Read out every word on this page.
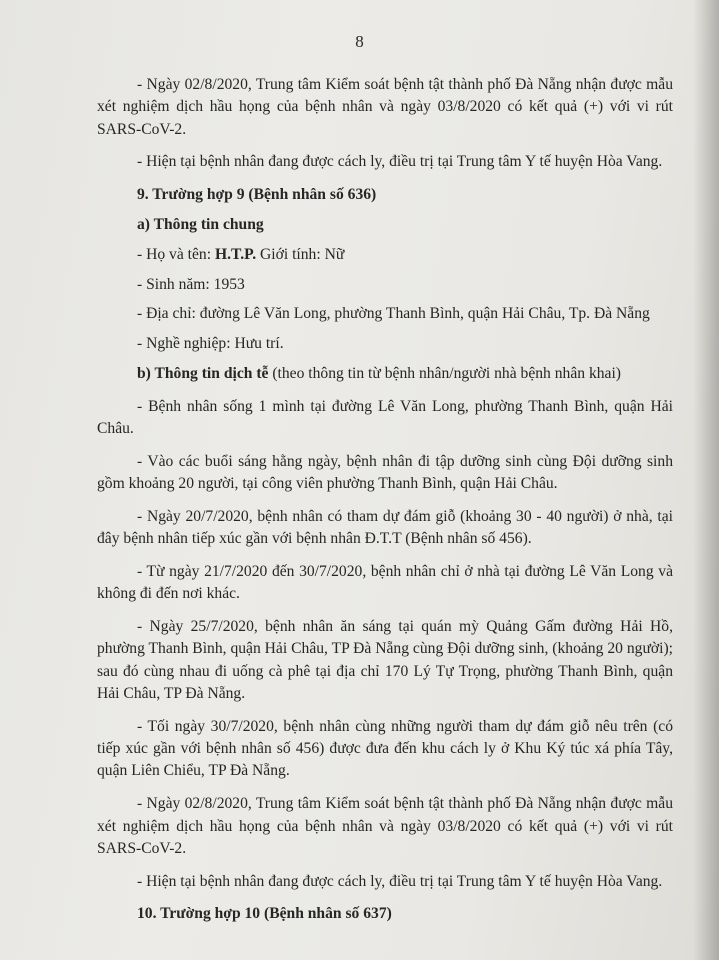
8

- Ngày 02/8/2020, Trung tâm Kiểm soát bệnh tật thành phố Đà Nẵng nhận được mẫu xét nghiệm dịch hầu họng của bệnh nhân và ngày 03/8/2020 có kết quả (+) với vi rút SARS-CoV-2.

- Hiện tại bệnh nhân đang được cách ly, điều trị tại Trung tâm Y tế huyện Hòa Vang.

9. Trường hợp 9 (Bệnh nhân số 636)

a) Thông tin chung

- Họ và tên: H.T.P. Giới tính: Nữ

- Sinh năm: 1953

- Địa chỉ: đường Lê Văn Long, phường Thanh Bình, quận Hải Châu, Tp. Đà Nẵng

- Nghề nghiệp: Hưu trí.

b) Thông tin dịch tễ (theo thông tin từ bệnh nhân/người nhà bệnh nhân khai)

- Bệnh nhân sống 1 mình tại đường Lê Văn Long, phường Thanh Bình, quận Hải Châu.

- Vào các buổi sáng hằng ngày, bệnh nhân đi tập dưỡng sinh cùng Đội dưỡng sinh gồm khoảng 20 người, tại công viên phường Thanh Bình, quận Hải Châu.

- Ngày 20/7/2020, bệnh nhân có tham dự đám giỗ (khoảng 30 - 40 người) ở nhà, tại đây bệnh nhân tiếp xúc gần với bệnh nhân Đ.T.T (Bệnh nhân số 456).

- Từ ngày 21/7/2020 đến 30/7/2020, bệnh nhân chỉ ở nhà tại đường Lê Văn Long và không đi đến nơi khác.

- Ngày 25/7/2020, bệnh nhân ăn sáng tại quán mỳ Quảng Gấm đường Hải Hồ, phường Thanh Bình, quận Hải Châu, TP Đà Nẵng cùng Đội dưỡng sinh, (khoảng 20 người); sau đó cùng nhau đi uống cà phê tại địa chỉ 170 Lý Tự Trọng, phường Thanh Bình, quận Hải Châu, TP Đà Nẵng.

- Tối ngày 30/7/2020, bệnh nhân cùng những người tham dự đám giỗ nêu trên (có tiếp xúc gần với bệnh nhân số 456) được đưa đến khu cách ly ở Khu Ký túc xá phía Tây, quận Liên Chiểu, TP Đà Nẵng.

- Ngày 02/8/2020, Trung tâm Kiểm soát bệnh tật thành phố Đà Nẵng nhận được mẫu xét nghiệm dịch hầu họng của bệnh nhân và ngày 03/8/2020 có kết quả (+) với vi rút SARS-CoV-2.

- Hiện tại bệnh nhân đang được cách ly, điều trị tại Trung tâm Y tế huyện Hòa Vang.

10. Trường hợp 10 (Bệnh nhân số 637)
